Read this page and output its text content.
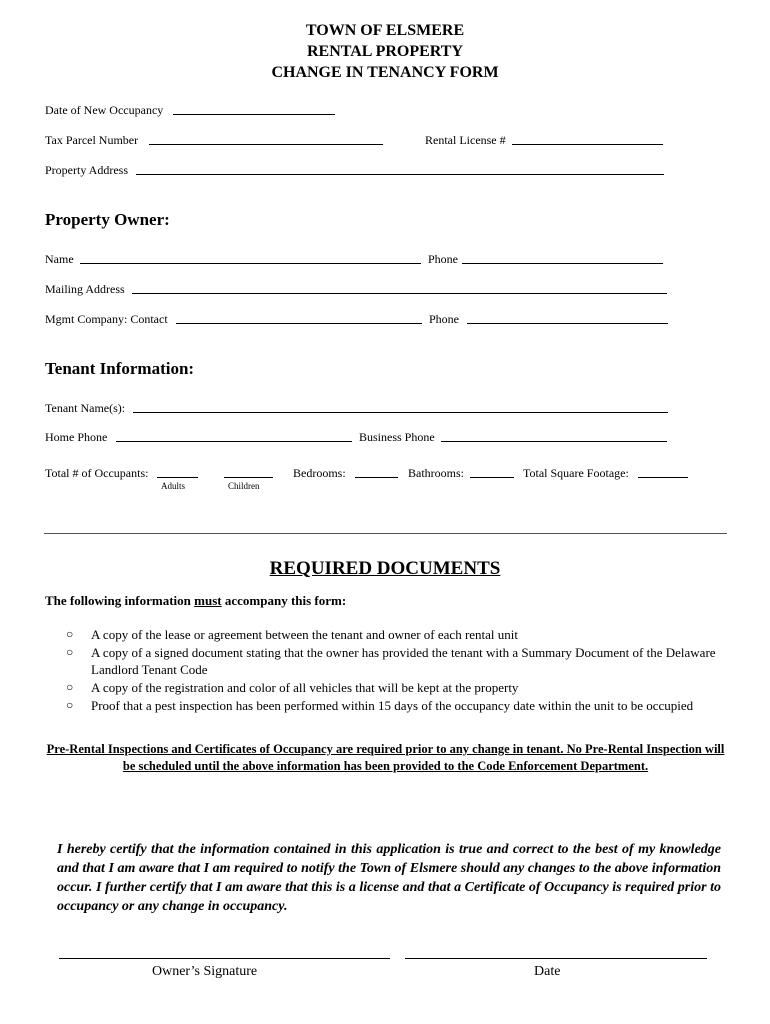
TOWN OF ELSMERE
RENTAL PROPERTY
CHANGE IN TENANCY FORM
Date of New Occupancy
Tax Parcel Number	Rental License #
Property Address
Property Owner:
Name	Phone
Mailing Address
Mgmt Company: Contact	Phone
Tenant Information:
Tenant Name(s):
Home Phone	Business Phone
Total # of Occupants:
Adults	Children
Bedrooms:	Bathrooms:	Total Square Footage:
REQUIRED DOCUMENTS
The following information must accompany this form:
○ A copy of the lease or agreement between the tenant and owner of each rental unit
○ A copy of a signed document stating that the owner has provided the tenant with a Summary Document of the Delaware Landlord Tenant Code
○ A copy of the registration and color of all vehicles that will be kept at the property
○ Proof that a pest inspection has been performed within 15 days of the occupancy date within the unit to be occupied
Pre-Rental Inspections and Certificates of Occupancy are required prior to any change in tenant. No Pre-Rental Inspection will be scheduled until the above information has been provided to the Code Enforcement Department.
I hereby certify that the information contained in this application is true and correct to the best of my knowledge and that I am aware that I am required to notify the Town of Elsmere should any changes to the above information occur. I further certify that I am aware that this is a license and that a Certificate of Occupancy is required prior to occupancy or any change in occupancy.
Owner’s Signature	Date
